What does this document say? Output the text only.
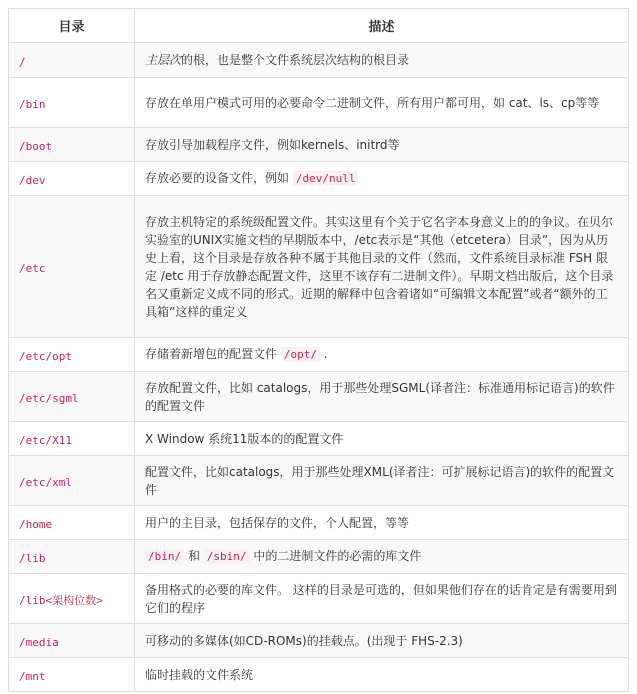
目录	描述
/	主层次的根，也是整个文件系统层次结构的根目录
/bin	存放在单用户模式可用的必要命令二进制文件，所有用户都可用，如 cat、ls、cp等等
/boot	存放引导加载程序文件，例如kernels、initrd等
/dev	存放必要的设备文件，例如 /dev/null
/etc	存放主机特定的系统级配置文件。其实这里有个关于它名字本身意义上的的争议。在贝尔实验室的UNIX实施文档的早期版本中，/etc表示是“其他（etcetera）目录”，因为从历史上看，这个目录是存放各种不属于其他目录的文件（然而，文件系统目录标准 FSH 限定 /etc 用于存放静态配置文件，这里不该存有二进制文件）。早期文档出版后，这个目录名又重新定义成不同的形式。近期的解释中包含着诸如“可编辑文本配置”或者“额外的工具箱”这样的重定义
/etc/opt	存储着新增包的配置文件 /opt/ .
/etc/sgml	存放配置文件，比如 catalogs，用于那些处理SGML(译者注：标准通用标记语言)的软件的配置文件
/etc/X11	X Window 系统11版本的的配置文件
/etc/xml	配置文件，比如catalogs，用于那些处理XML(译者注：可扩展标记语言)的软件的配置文件
/home	用户的主目录，包括保存的文件，个人配置，等等
/lib	/bin/ 和 /sbin/ 中的二进制文件的必需的库文件
/lib<架构位数>	备用格式的必要的库文件。 这样的目录是可选的，但如果他们存在的话肯定是有需要用到它们的程序
/media	可移动的多媒体(如CD-ROMs)的挂载点。(出现于 FHS-2.3)
/mnt	临时挂载的文件系统
